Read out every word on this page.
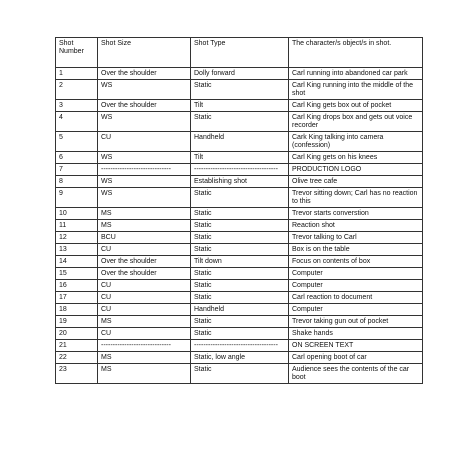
Shot Number	Shot Size	Shot Type	The character/s object/s in shot.
1	Over the shoulder	Dolly forward	Carl running into abandoned car park
2	WS	Static	Carl King running into the middle of the shot
3	Over the shoulder	Tilt	Carl King gets box out of pocket
4	WS	Static	Carl King drops box and gets out voice recorder
5	CU	Handheld	Cark King talking into camera (confession)
6	WS	Tilt	Carl King gets on his knees
7	------------------------------	------------------------------------	PRODUCTION LOGO
8	WS	Establishing shot	Olive tree cafe
9	WS	Static	Trevor sitting down; Carl has no reaction to this
10	MS	Static	Trevor starts converstion
11	MS	Static	Reaction shot
12	BCU	Static	Trevor talking to Carl
13	CU	Static	Box is on the table
14	Over the shoulder	Tilt down	Focus on contents of box
15	Over the shoulder	Static	Computer
16	CU	Static	Computer
17	CU	Static	Carl reaction to document
18	CU	Handheld	Computer
19	MS	Static	Trevor taking gun out of pocket
20	CU	Static	Shake hands
21	------------------------------	------------------------------------	ON SCREEN TEXT
22	MS	Static, low angle	Carl opening boot of car
23	MS	Static	Audience sees the contents of the car boot
